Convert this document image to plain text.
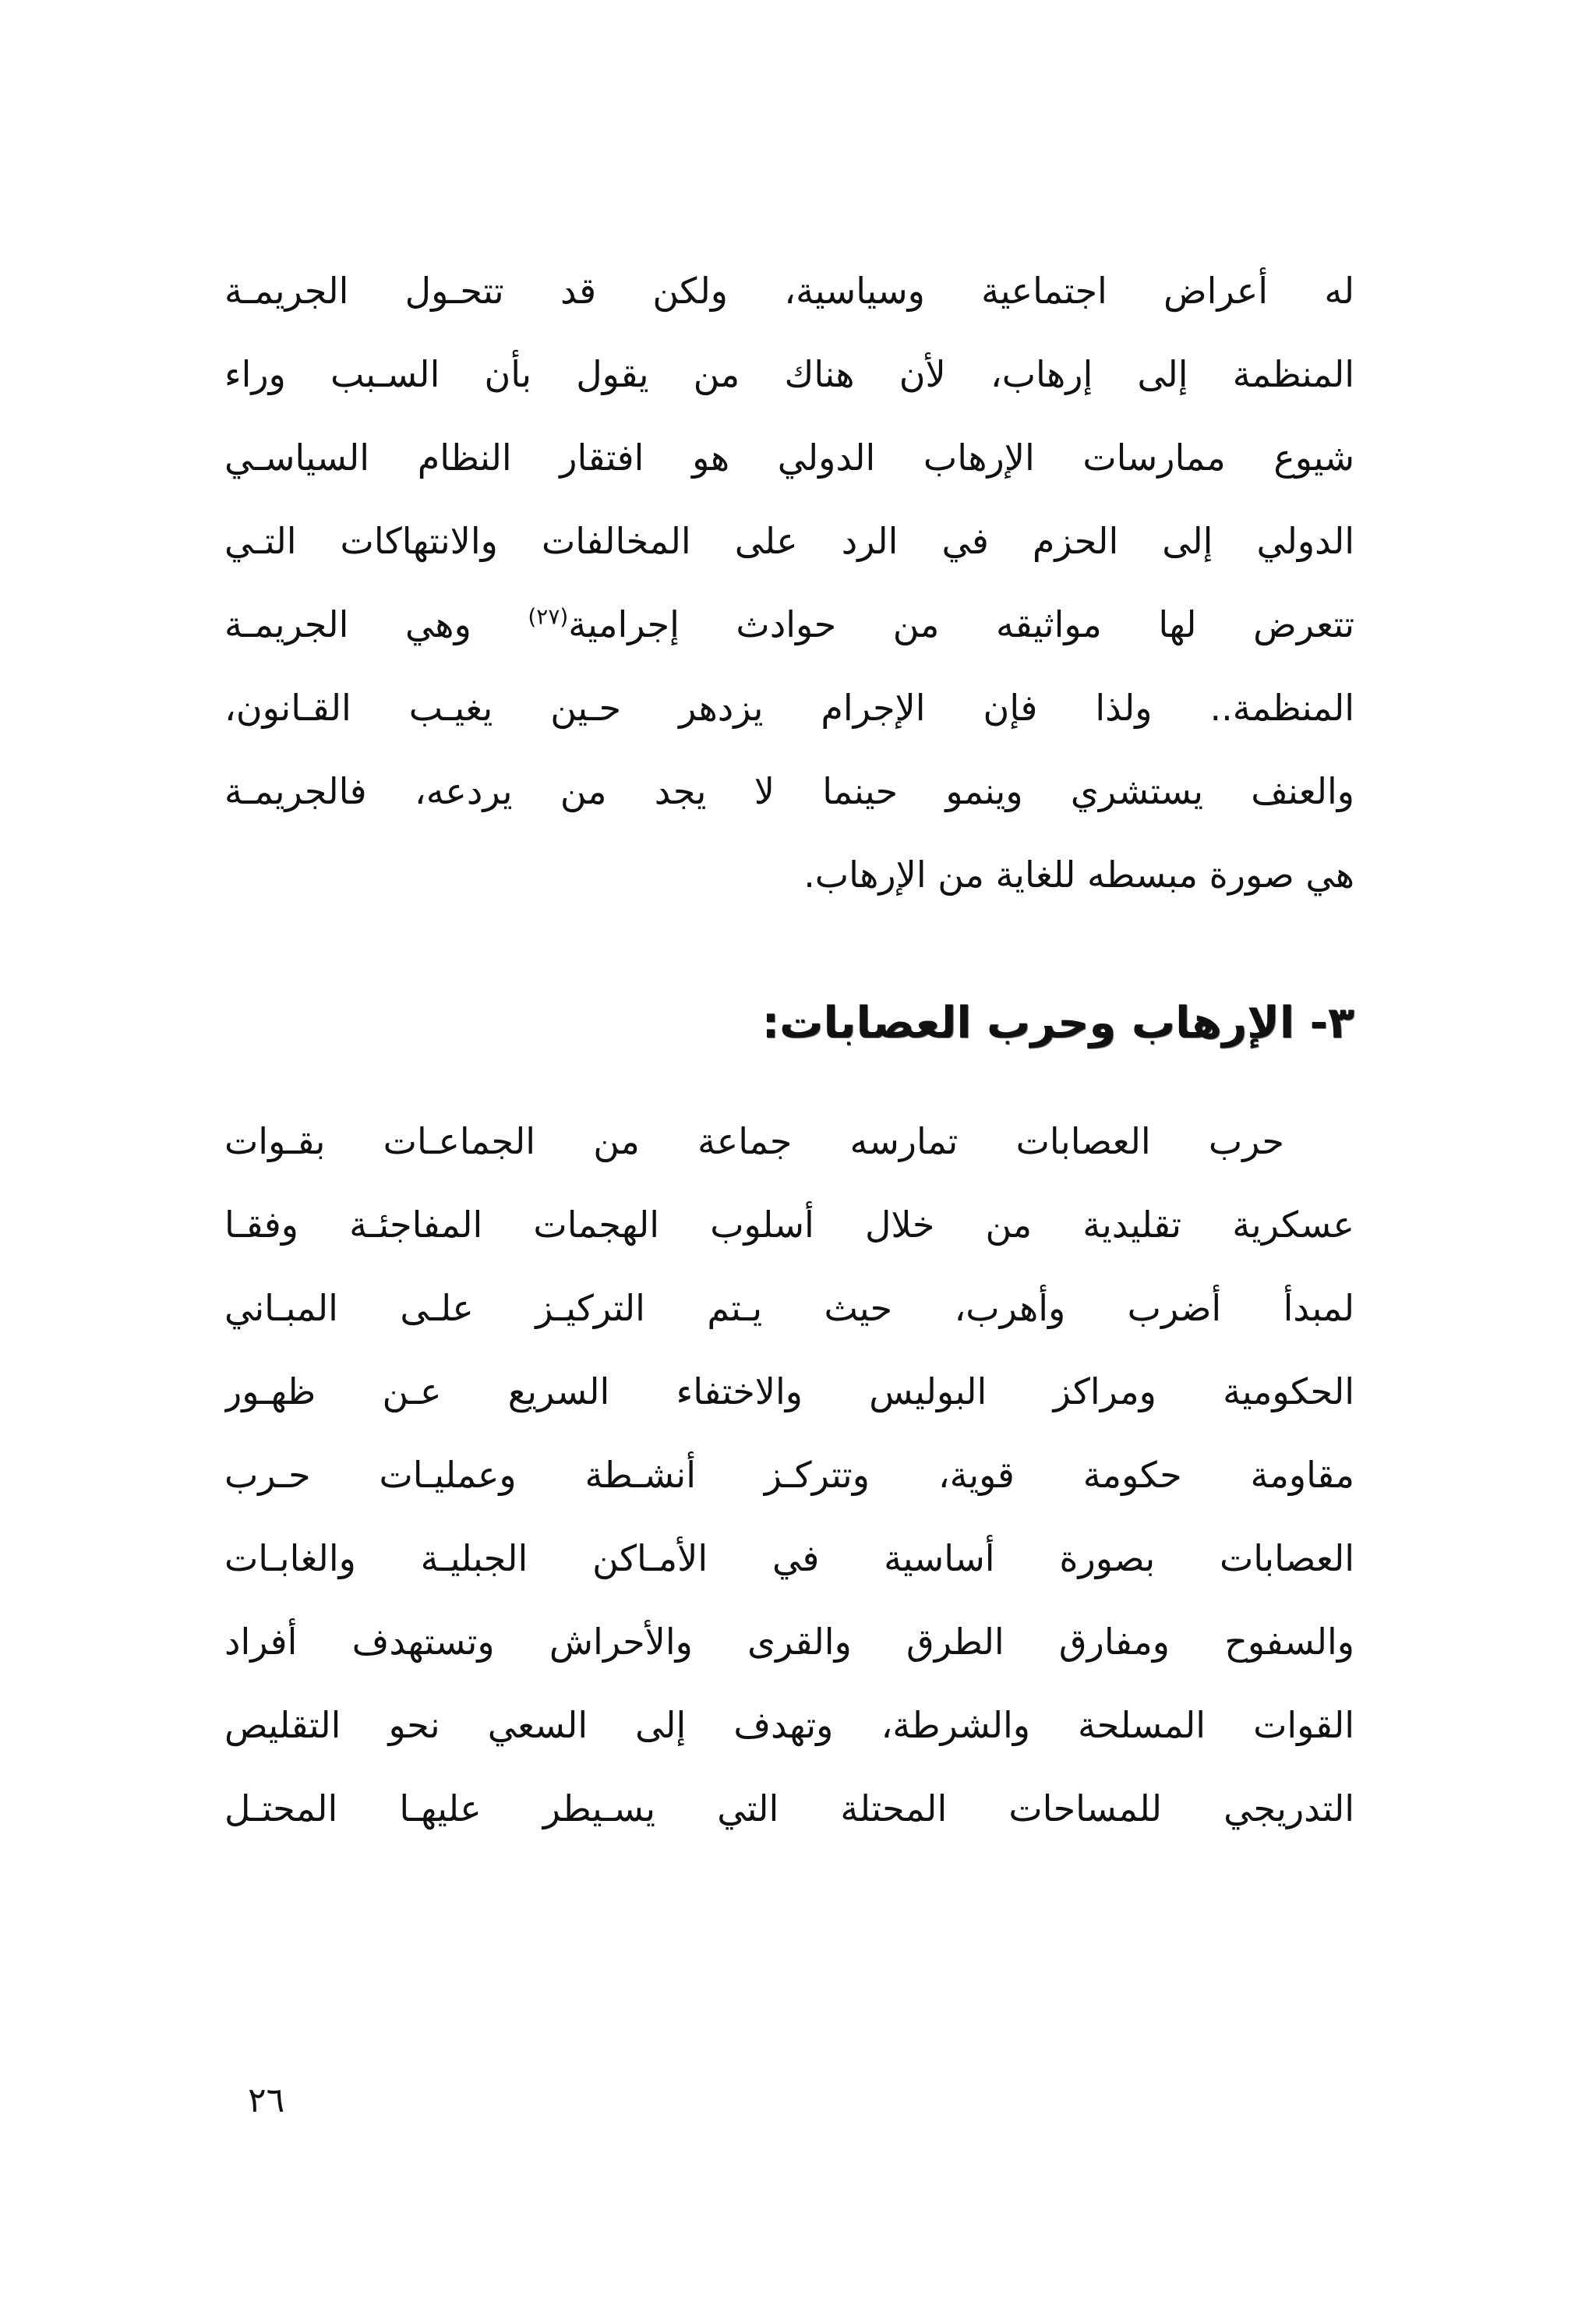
له أعراض اجتماعية وسياسية، ولكن قد تتحـول الجريمـة
المنظمة إلى إرهاب، لأن هناك من يقول بأن السـبب وراء
شيوع ممارسات الإرهاب الدولي هو افتقار النظام السياسـي
الدولي إلى الحزم في الرد على المخالفات والانتهاكات التـي
تتعرض لها مواثيقه من حوادث إجرامية$^{(٢٧)}$ وهي الجريمـة
المنظمة.. ولذا فإن الإجرام يزدهر حـين يغيـب القـانون،
والعنف يستشري وينمو حينما لا يجد من يردعه، فالجريمـة
هي صورة مبسطه للغاية من الإرهاب.
٣- الإرهاب وحرب العصابات:
حرب العصابات تمارسه جماعة من الجماعـات بقـوات
عسكرية تقليدية من خلال أسلوب الهجمات المفاجئـة وفقـا
لمبدأ أضرب وأهرب، حيث يـتم التركيـز علـى المبـاني
الحكومية ومراكز البوليس والاختفاء السريع عـن ظهـور
مقاومة حكومة قوية، وتتركـز أنشـطة وعمليـات حـرب
العصابات بصورة أساسية في الأمـاكن الجبليـة والغابـات
والسفوح ومفارق الطرق والقرى والأحراش وتستهدف أفراد
القوات المسلحة والشرطة، وتهدف إلى السعي نحو التقليص
التدريجي للمساحات المحتلة التي يسـيطر عليهـا المحتـل
٢٦
